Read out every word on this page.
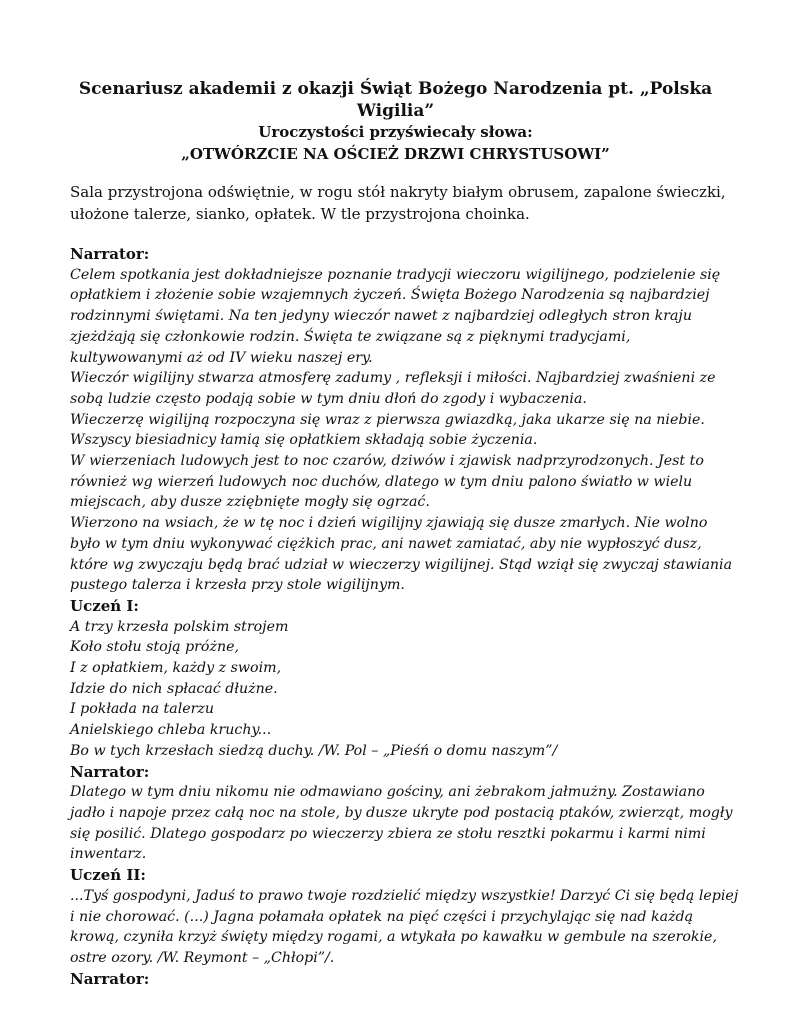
Scenariusz akademii z okazji Świąt Bożego Narodzenia pt. „Polska Wigilia”
Uroczystości przyświecały słowa:
„OTWÓRZCIE NA OŚCIEŻ DRZWI CHRYSTUSOWI”

Sala przystrojona odświętnie, w rogu stół nakryty białym obrusem, zapalone świeczki, ułożone talerze, sianko, opłatek. W tle przystrojona choinka.

Narrator:

Celem spotkania jest dokładniejsze poznanie tradycji wieczoru wigilijnego, podzielenie się opłatkiem i złożenie sobie wzajemnych życzeń. Święta Bożego Narodzenia są najbardziej rodzinnymi świętami. Na ten jedyny wieczór nawet z najbardziej odległych stron kraju zjeżdżają się członkowie rodzin. Święta te związane są z pięknymi tradycjami, kultywowanymi aż od IV wieku naszej ery.

Wieczór wigilijny stwarza atmosferę zadumy , refleksji i miłości. Najbardziej zwaśnieni ze sobą ludzie często podają sobie w tym dniu dłoń do zgody i wybaczenia.

Wieczerzę wigilijną rozpoczyna się wraz z pierwsza gwiazdką, jaka ukarze się na niebie. Wszyscy biesiadnicy łamią się opłatkiem składają sobie życzenia.

W wierzeniach ludowych jest to noc czarów, dziwów i zjawisk nadprzyrodzonych. Jest to również wg wierzeń ludowych noc duchów, dlatego w tym dniu palono światło w wielu miejscach, aby dusze zziębnięte mogły się ogrzać.

Wierzono na wsiach, że w tę noc i dzień wigilijny zjawiają się dusze zmarłych. Nie wolno było w tym dniu wykonywać ciężkich prac, ani nawet zamiatać, aby nie wypłoszyć dusz, które wg zwyczaju będą brać udział w wieczerzy wigilijnej. Stąd wziął się zwyczaj stawiania pustego talerza i krzesła przy stole wigilijnym.

Uczeń I:

A trzy krzesła polskim strojem

Koło stołu stoją próżne,

I z opłatkiem, każdy z swoim,

Idzie do nich spłacać dłużne.

I pokłada na talerzu

Anielskiego chleba kruchy...

Bo w tych krzesłach siedzą duchy. /W. Pol – „Pieśń o domu naszym”/

Narrator:

Dlatego w tym dniu nikomu nie odmawiano gościny, ani żebrakom jałmużny. Zostawiano jadło i napoje przez całą noc na stole, by dusze ukryte pod postacią ptaków, zwierząt, mogły się posilić. Dlatego gospodarz po wieczerzy zbiera ze stołu resztki pokarmu i karmi nimi inwentarz.

Uczeń II:

...Tyś gospodyni, Jaduś to prawo twoje rozdzielić między wszystkie! Darzyć Ci się będą lepiej i nie chorować. (...) Jagna połamała opłatek na pięć części i przychylając się nad każdą krową, czyniła krzyż święty między rogami, a wtykała po kawałku w gembule na szerokie, ostre ozory. /W. Reymont – „Chłopi”/.

Narrator:
